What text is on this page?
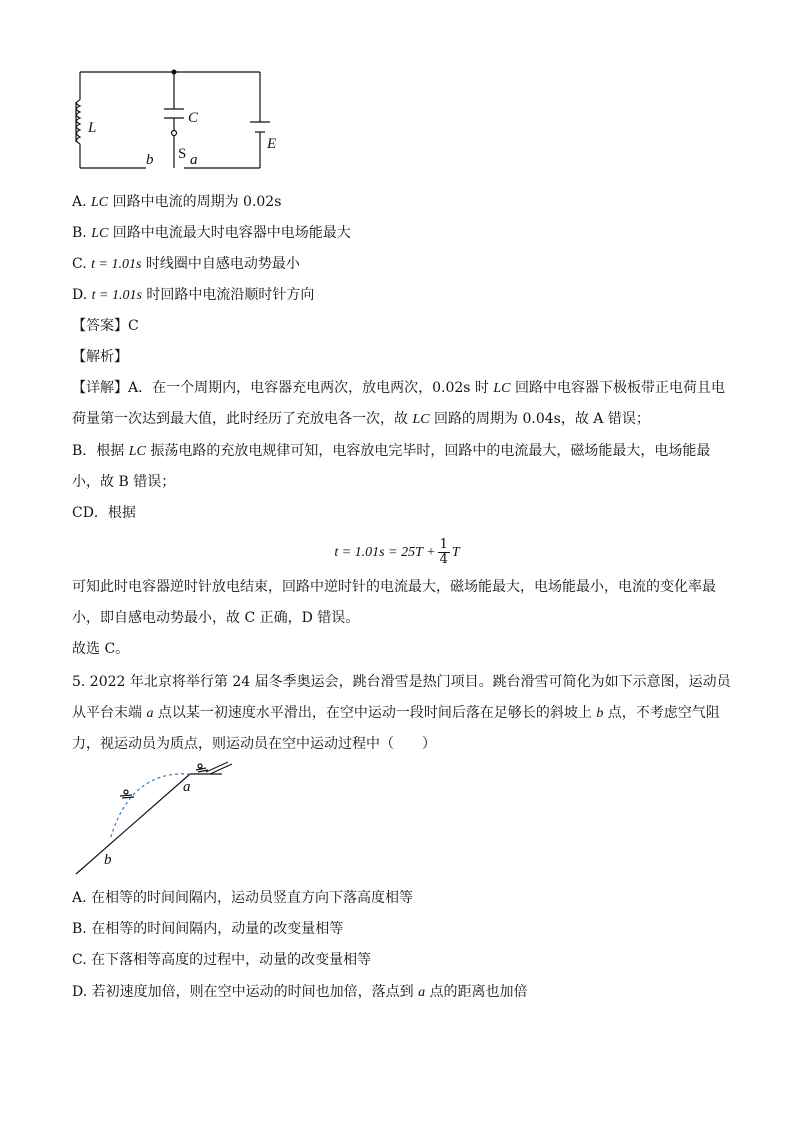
L
C
E
S a
b
A. LC 回路中电流的周期为 0.02s
B. LC 回路中电流最大时电容器中电场能最大
C. t = 1.01s 时线圈中自感电动势最小
D. t = 1.01s 时回路中电流沿顺时针方向
【答案】C
【解析】
【详解】A．在一个周期内，电容器充电两次，放电两次，0.02s 时 LC 回路中电容器下极板带正电荷且电
荷量第一次达到最大值，此时经历了充放电各一次，故 LC 回路的周期为 0.04s，故 A 错误；
B．根据 LC 振荡电路的充放电规律可知，电容放电完毕时，回路中的电流最大，磁场能最大，电场能最
小，故 B 错误；
CD．根据
$t = 1.01s = 25T + \frac{1}{4}$ T
可知此时电容器逆时针放电结束，回路中逆时针的电流最大，磁场能最大，电场能最小，电流的变化率最
小，即自感电动势最小，故 C 正确，D 错误。
故选 C。
5. 2022 年北京将举行第 24 届冬季奥运会，跳台滑雪是热门项目。跳台滑雪可简化为如下示意图，运动员
从平台末端 a 点以某一初速度水平滑出，在空中运动一段时间后落在足够长的斜坡上 b 点，不考虑空气阻
力，视运动员为质点，则运动员在空中运动过程中（　　）
a
b
A. 在相等的时间间隔内，运动员竖直方向下落高度相等
B. 在相等的时间间隔内，动量的改变量相等
C. 在下落相等高度的过程中，动量的改变量相等
D. 若初速度加倍，则在空中运动的时间也加倍，落点到 a 点的距离也加倍
